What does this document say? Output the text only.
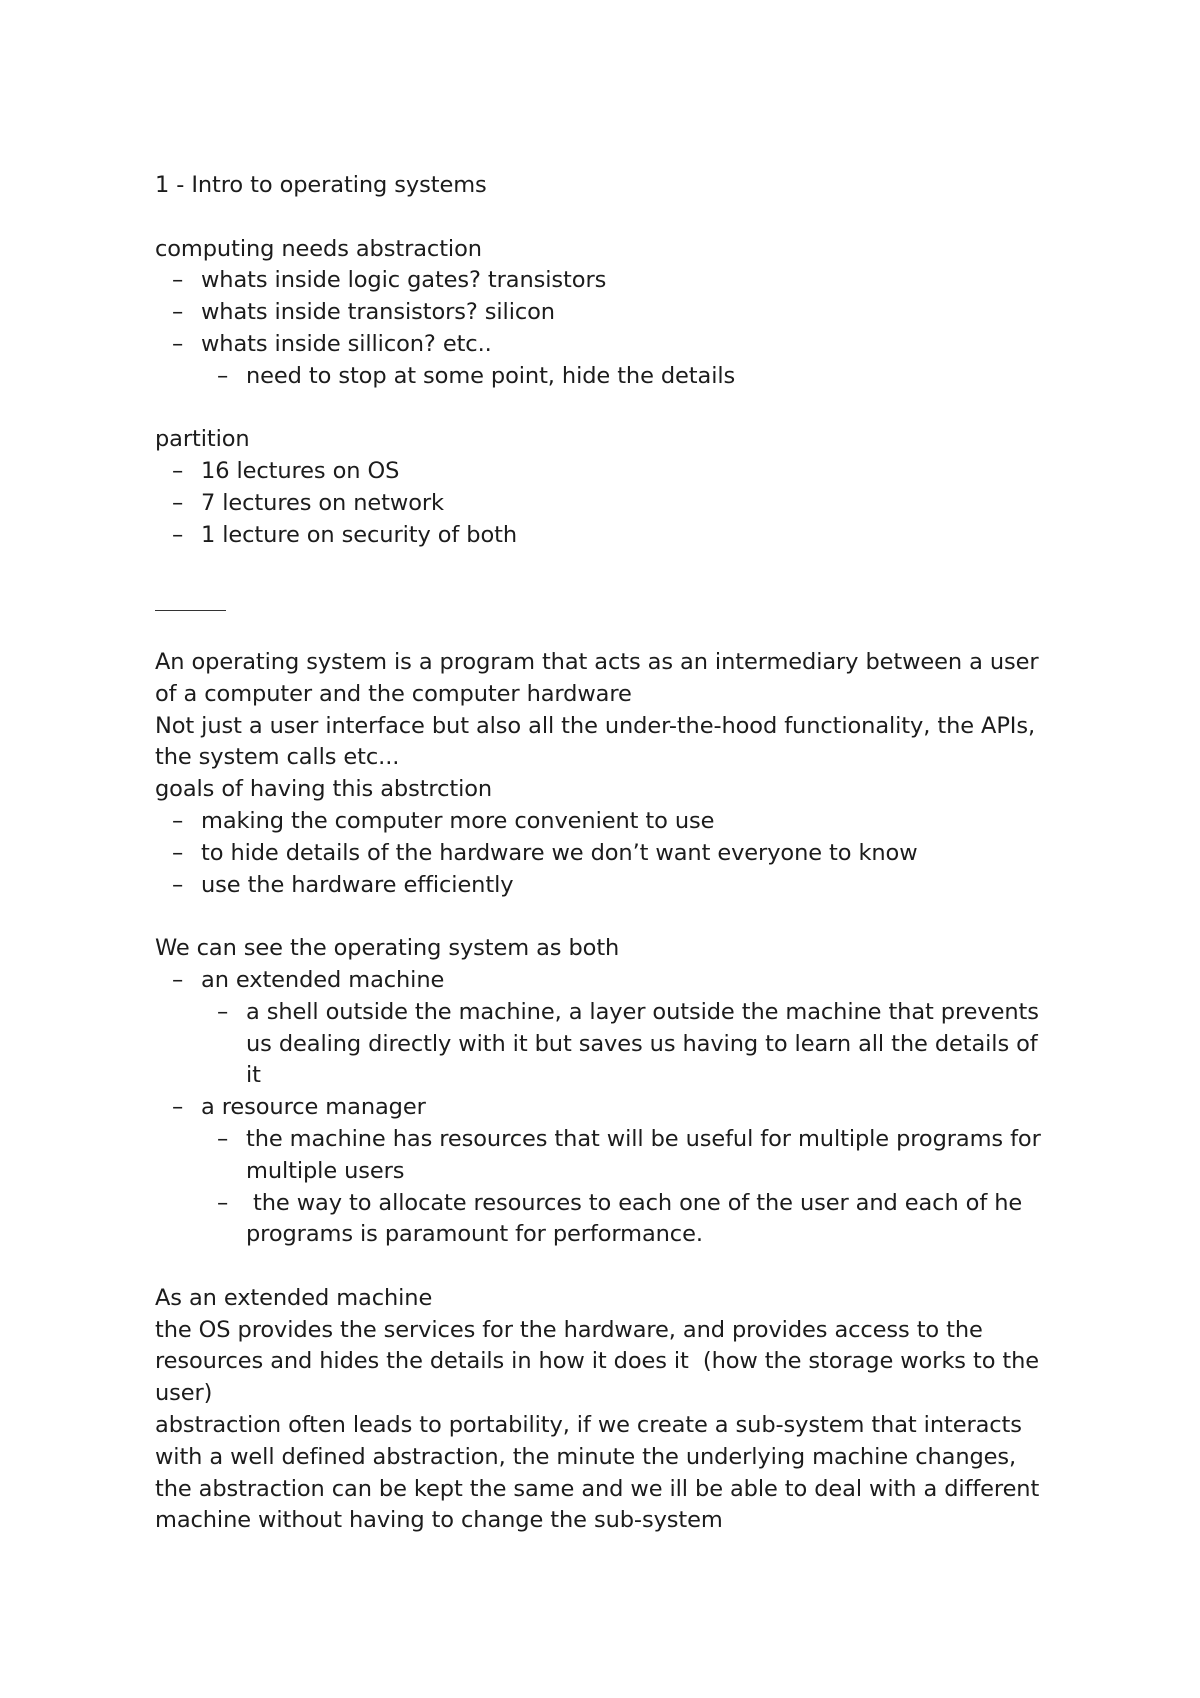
1 - Intro to operating systems
computing needs abstraction
– whats inside logic gates? transistors
– whats inside transistors? silicon
– whats inside sillicon? etc..
– need to stop at some point, hide the details
partition
– 16 lectures on OS
– 7 lectures on network
– 1 lecture on security of both
An operating system is a program that acts as an intermediary between a user
of a computer and the computer hardware
Not just a user interface but also all the under-the-hood functionality, the APIs,
the system calls etc...
goals of having this abstrction
– making the computer more convenient to use
– to hide details of the hardware we don’t want everyone to know
– use the hardware efficiently
We can see the operating system as both
– an extended machine
– a shell outside the machine, a layer outside the machine that prevents
us dealing directly with it but saves us having to learn all the details of
it
– a resource manager
– the machine has resources that will be useful for multiple programs for
multiple users
– the way to allocate resources to each one of the user and each of he
programs is paramount for performance.
As an extended machine
the OS provides the services for the hardware, and provides access to the
resources and hides the details in how it does it  (how the storage works to the
user)
abstraction often leads to portability, if we create a sub-system that interacts
with a well defined abstraction, the minute the underlying machine changes,
the abstraction can be kept the same and we ill be able to deal with a different
machine without having to change the sub-system
